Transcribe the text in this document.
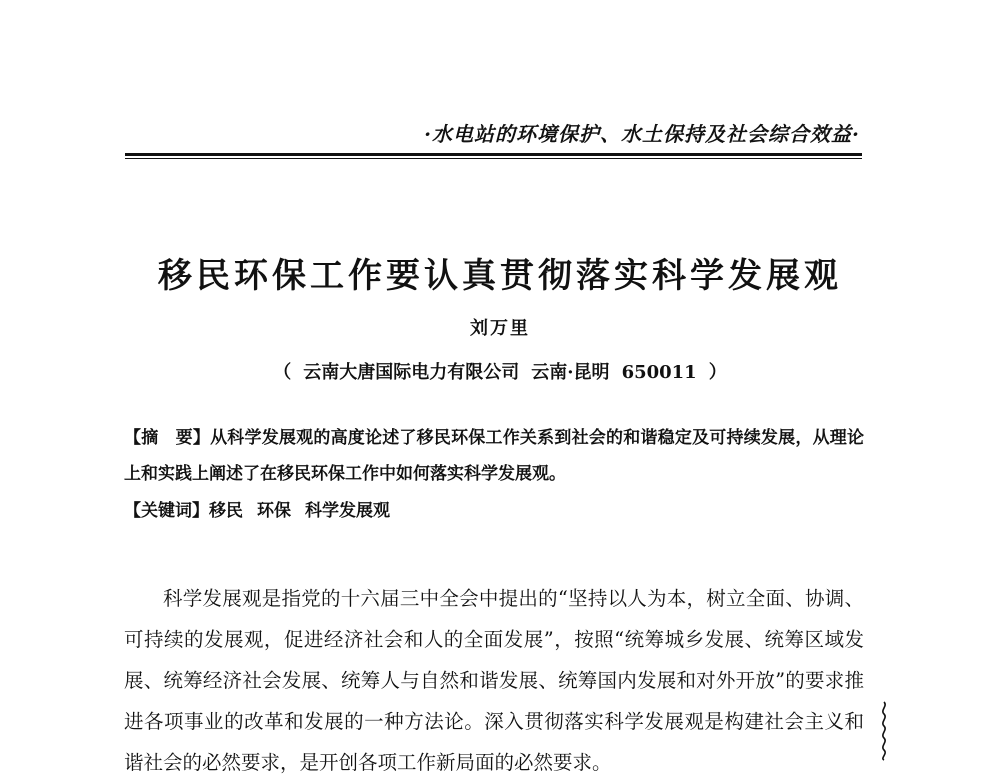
·水电站的环境保护、水土保持及社会综合效益·
移民环保工作要认真贯彻落实科学发展观
刘万里
（ 云南大唐国际电力有限公司 云南·昆明 650011 ）

【摘　要】从科学发展观的高度论述了移民环保工作关系到社会的和谐稳定及可持续发展，从理论上和实践上阐述了在移民环保工作中如何落实科学发展观。

【关键词】移民 环保 科学发展观

科学发展观是指党的十六届三中全会中提出的“坚持以人为本，树立全面、协调、可持续的发展观，促进经济社会和人的全面发展”，按照“统筹城乡发展、统筹区域发展、统筹经济社会发展、统筹人与自然和谐发展、统筹国内发展和对外开放”的要求推进各项事业的改革和发展的一种方法论。深入贯彻落实科学发展观是构建社会主义和谐社会的必然要求，是开创各项工作新局面的必然要求。
